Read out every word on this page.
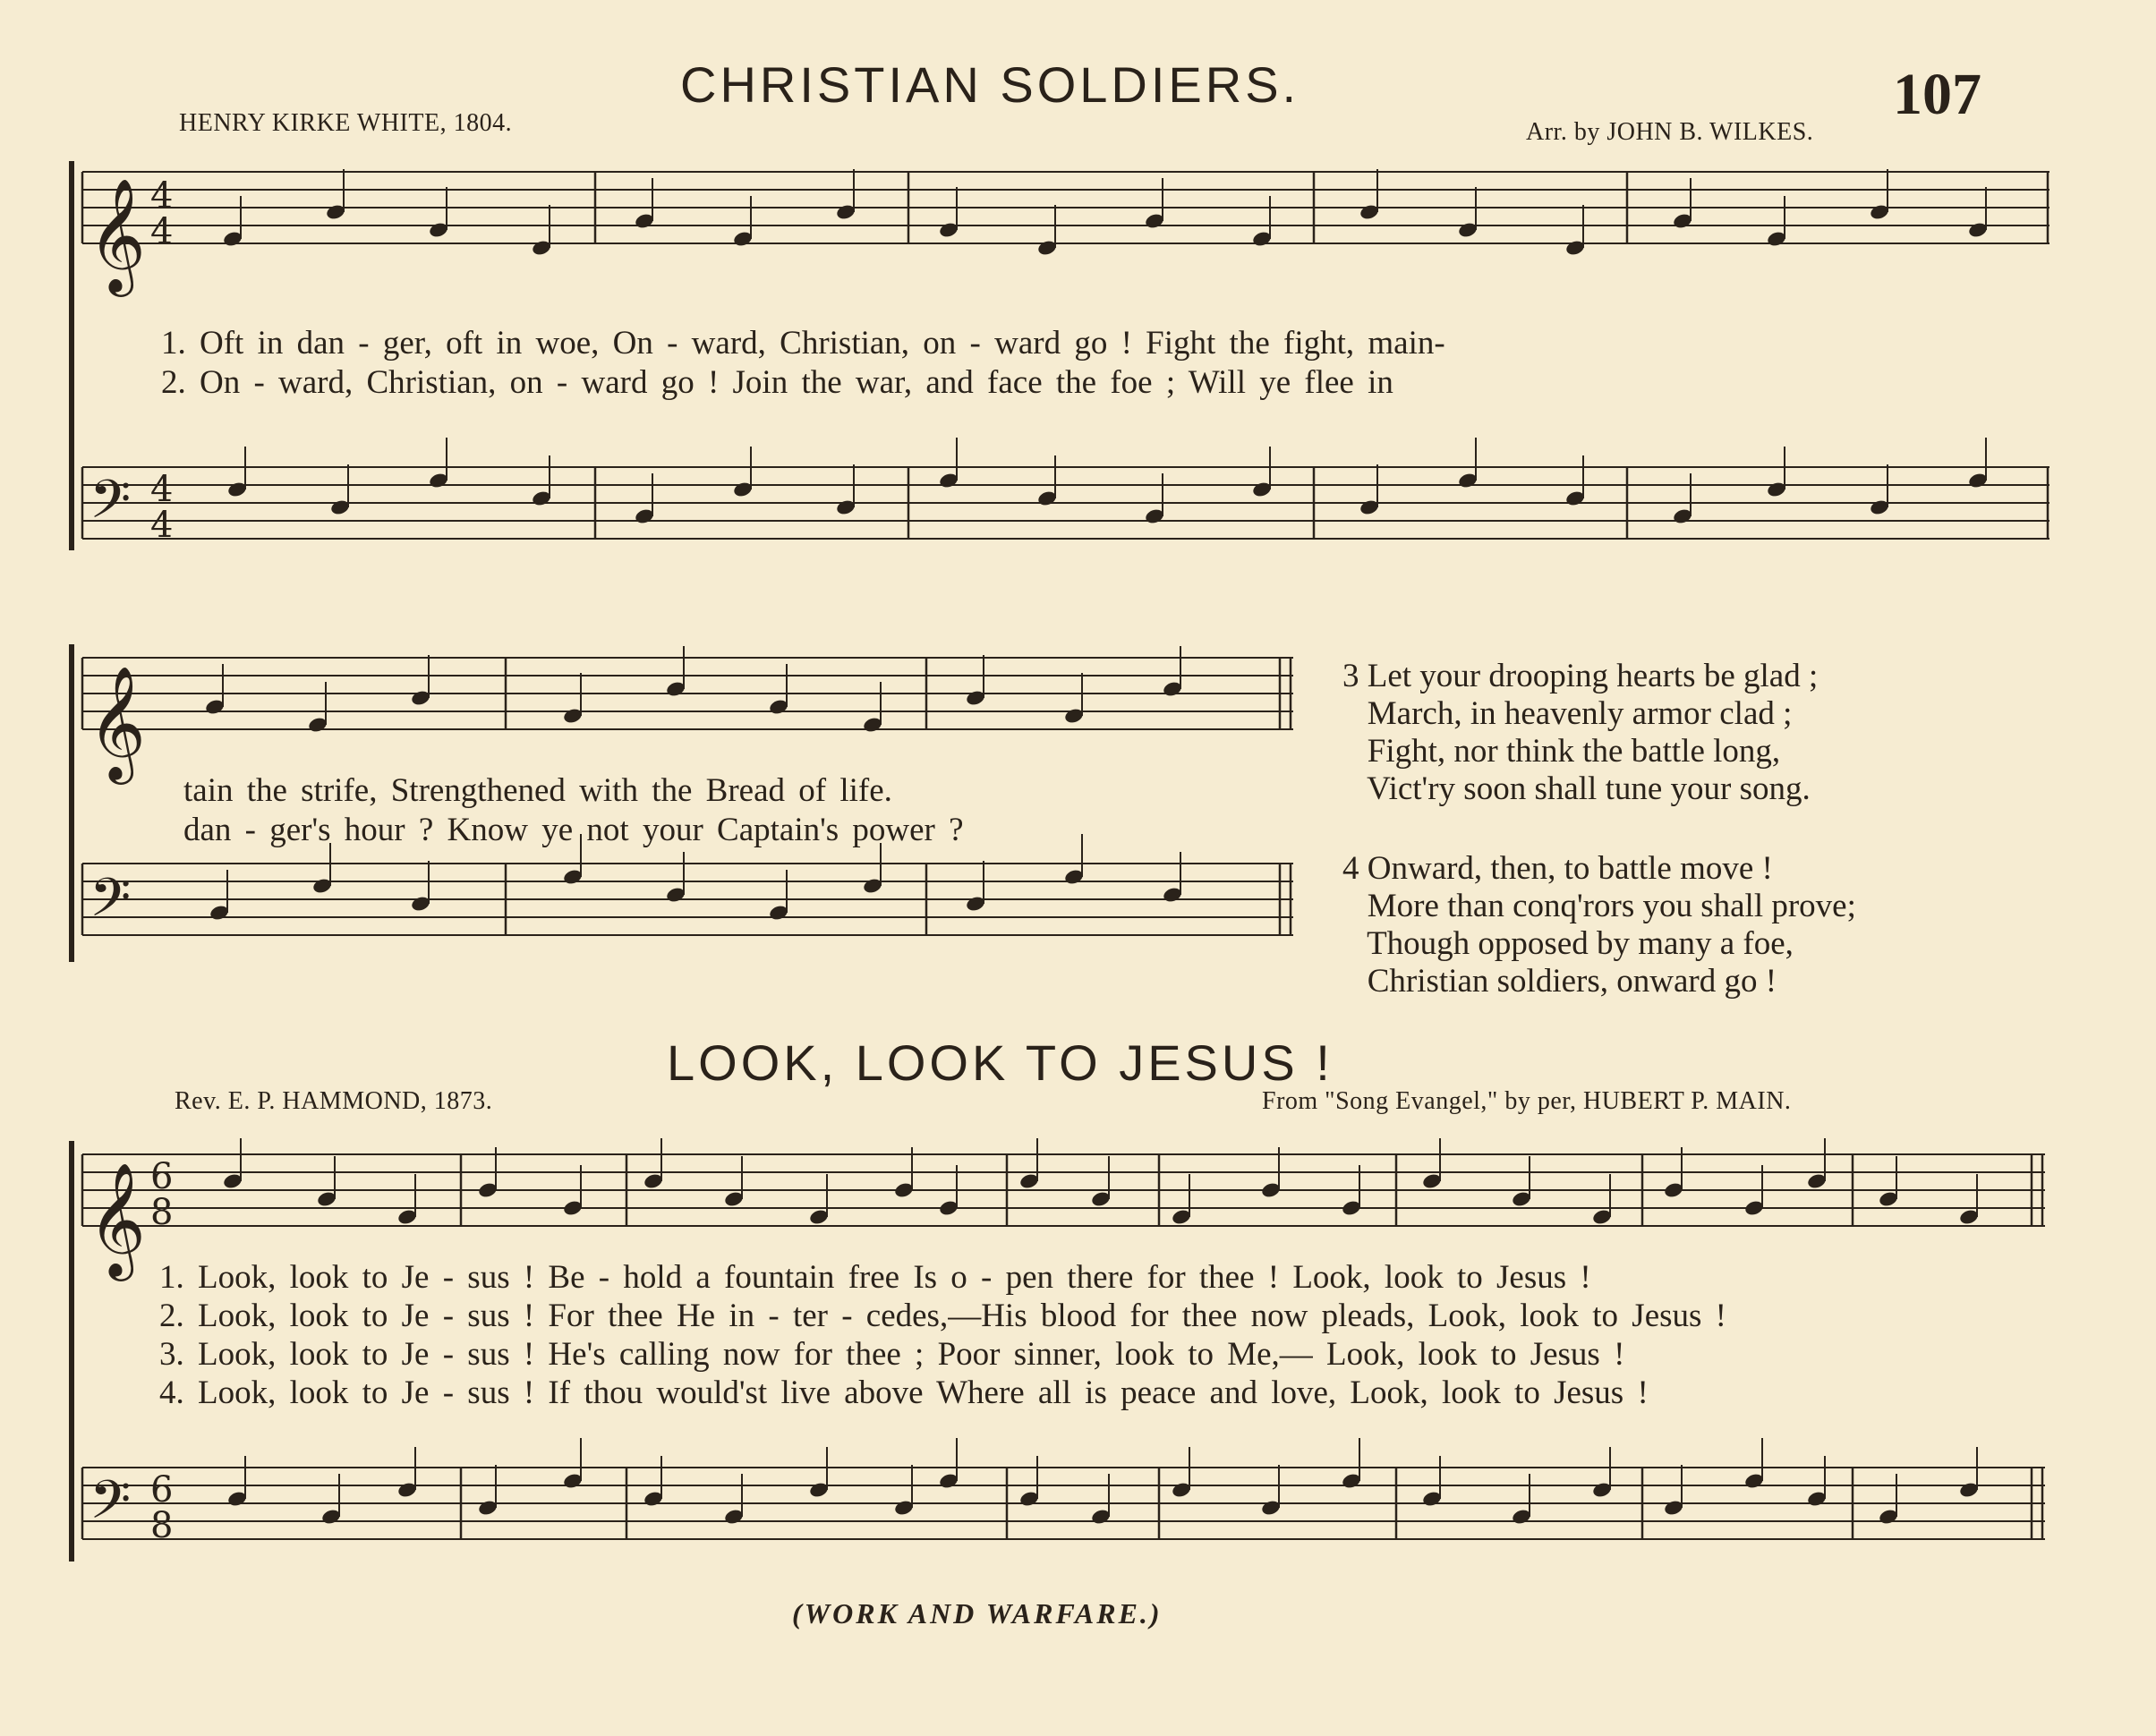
CHRISTIAN SOLDIERS.
HENRY KIRKE WHITE, 1804.	Arr. by JOHN B. WILKES.
107
𝄞
𝄢
4
4
4
4
𝄞
𝄢
𝄞
𝄢
6
8
6
8
1. Oft in dan - ger, oft in woe, On - ward, Christian, on - ward go ! Fight the fight, main-
2. On - ward, Christian, on - ward go ! Join the war, and face the foe ; Will ye flee in
tain the strife, Strengthened with the Bread of life.
dan - ger's hour ? Know ye not your Captain's power ?
3 Let your drooping hearts be glad ;
March, in heavenly armor clad ;
Fight, nor think the battle long,
Vict'ry soon shall tune your song.
4 Onward, then, to battle move !
More than conq'rors you shall prove;
Though opposed by many a foe,
Christian soldiers, onward go !
LOOK, LOOK TO JESUS !
Rev. E. P. HAMMOND, 1873.	From "Song Evangel," by per, HUBERT P. MAIN.
1. Look, look to Je - sus ! Be - hold a fountain free Is o - pen there for thee ! Look, look to Jesus !
2. Look, look to Je - sus ! For thee He in - ter - cedes,—His blood for thee now pleads, Look, look to Jesus !
3. Look, look to Je - sus ! He's calling now for thee ; Poor sinner, look to Me,— Look, look to Jesus !
4. Look, look to Je - sus ! If thou would'st live above Where all is peace and love, Look, look to Jesus !
(WORK AND WARFARE.)
